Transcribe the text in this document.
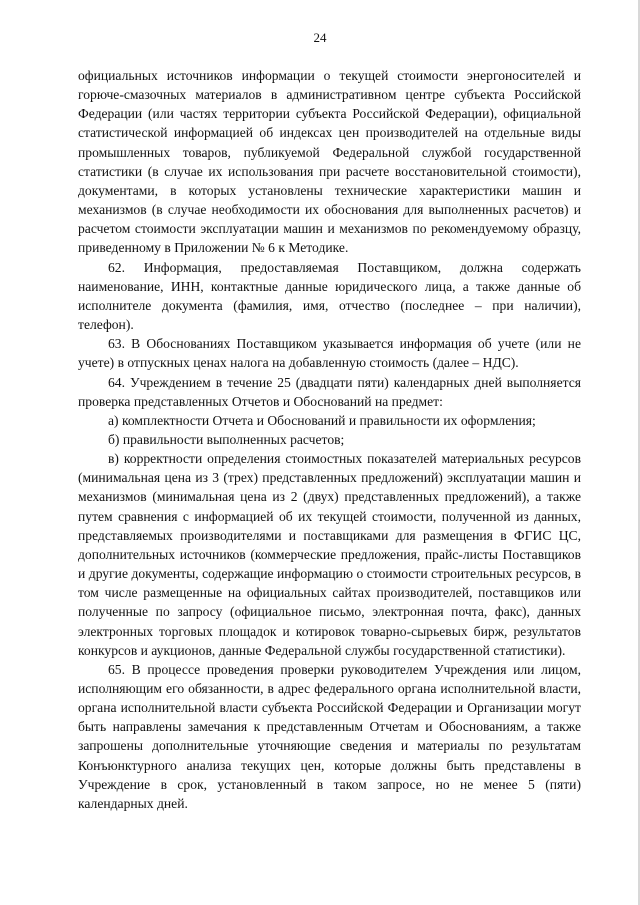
24

официальных источников информации о текущей стоимости энергоносителей и горюче-смазочных материалов в административном центре субъекта Российской Федерации (или частях территории субъекта Российской Федерации), официальной статистической информацией об индексах цен производителей на отдельные виды промышленных товаров, публикуемой Федеральной службой государственной статистики (в случае их использования при расчете восстановительной стоимости), документами, в которых установлены технические характеристики машин и механизмов (в случае необходимости их обоснования для выполненных расчетов) и расчетом стоимости эксплуатации машин и механизмов по рекомендуемому образцу, приведенному в Приложении № 6 к Методике.

62. Информация, предоставляемая Поставщиком, должна содержать наименование, ИНН, контактные данные юридического лица, а также данные об исполнителе документа (фамилия, имя, отчество (последнее – при наличии), телефон).

63. В Обоснованиях Поставщиком указывается информация об учете (или не учете) в отпускных ценах налога на добавленную стоимость (далее – НДС).

64. Учреждением в течение 25 (двадцати пяти) календарных дней выполняется проверка представленных Отчетов и Обоснований на предмет:

а) комплектности Отчета и Обоснований и правильности их оформления;

б) правильности выполненных расчетов;

в) корректности определения стоимостных показателей материальных ресурсов (минимальная цена из 3 (трех) представленных предложений) эксплуатации машин и механизмов (минимальная цена из 2 (двух) представленных предложений), а также путем сравнения с информацией об их текущей стоимости, полученной из данных, представляемых производителями и поставщиками для размещения в ФГИС ЦС, дополнительных источников (коммерческие предложения, прайс-листы Поставщиков и другие документы, содержащие информацию о стоимости строительных ресурсов, в том числе размещенные на официальных сайтах производителей, поставщиков или полученные по запросу (официальное письмо, электронная почта, факс), данных электронных торговых площадок и котировок товарно-сырьевых бирж, результатов конкурсов и аукционов, данные Федеральной службы государственной статистики).

65. В процессе проведения проверки руководителем Учреждения или лицом, исполняющим его обязанности, в адрес федерального органа исполнительной власти, органа исполнительной власти субъекта Российской Федерации и Организации могут быть направлены замечания к представленным Отчетам и Обоснованиям, а также запрошены дополнительные уточняющие сведения и материалы по результатам Конъюнктурного анализа текущих цен, которые должны быть представлены в Учреждение в срок, установленный в таком запросе, но не менее 5 (пяти) календарных дней.
